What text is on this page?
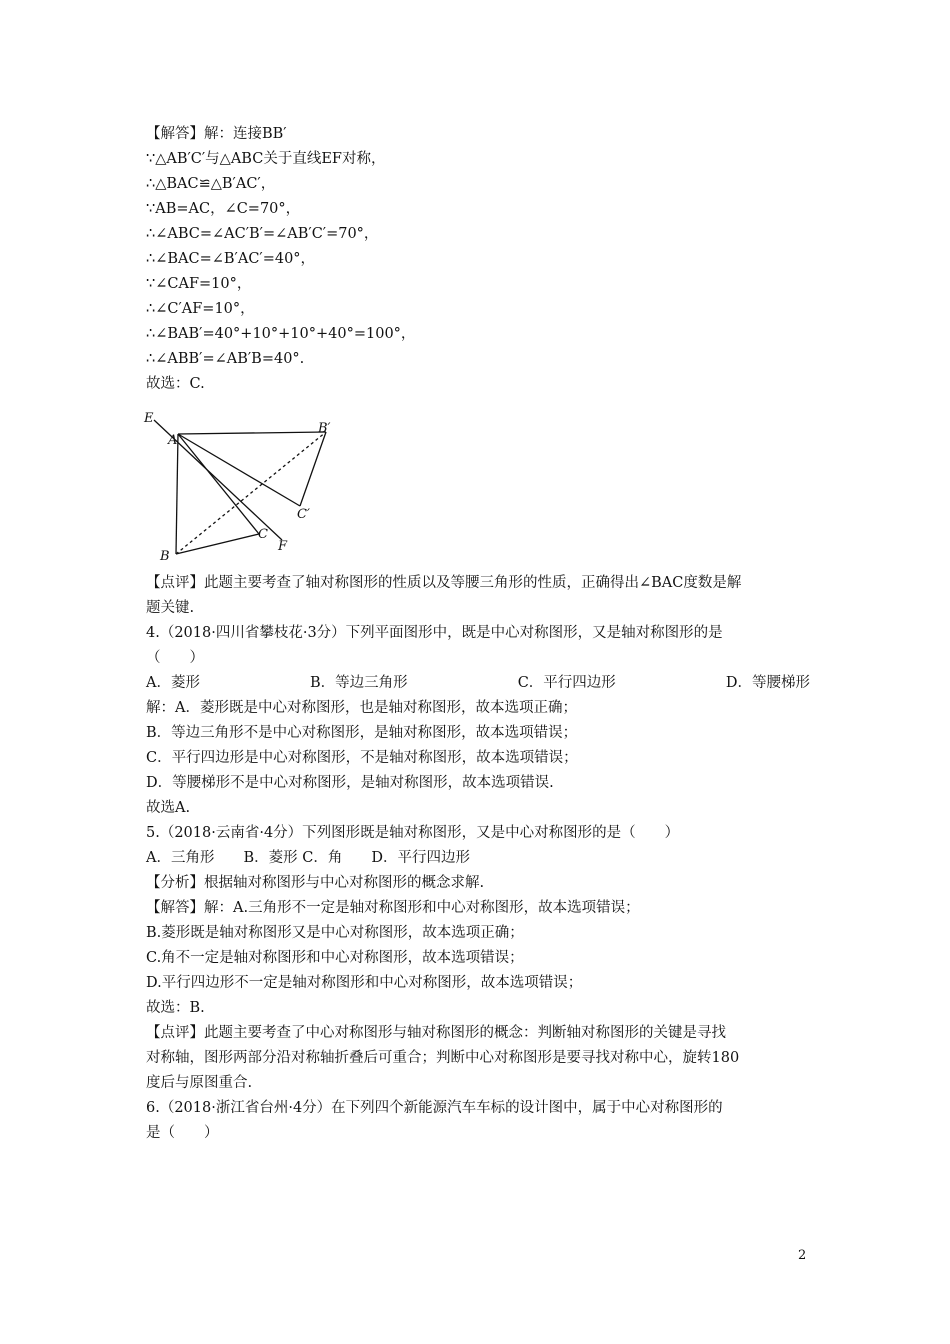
【解答】解：连接BB′
∵△AB′C′与△ABC关于直线EF对称，
∴△BAC≌△B′AC′，
∵AB=AC，∠C=70°，
∴∠ABC=∠AC′B′=∠AB′C′=70°，
∴∠BAC=∠B′AC′=40°，
∵∠CAF=10°，
∴∠C′AF=10°，
∴∠BAB′=40°+10°+10°+40°=100°，
∴∠ABB′=∠AB′B=40°.
故选：C.
E
A
B′
C′
C
F
B
【点评】此题主要考查了轴对称图形的性质以及等腰三角形的性质，正确得出∠BAC度数是解
题关键.
4.（2018·四川省攀枝花·3分）下列平面图形中，既是中心对称图形，又是轴对称图形的是
（　　）
A．菱形	B．等边三角形	C．平行四边形	D．等腰梯形
解：A．菱形既是中心对称图形，也是轴对称图形，故本选项正确；
B．等边三角形不是中心对称图形，是轴对称图形，故本选项错误；
C．平行四边形是中心对称图形，不是轴对称图形，故本选项错误；
D．等腰梯形不是中心对称图形，是轴对称图形，故本选项错误.
故选A.
5.（2018·云南省·4分）下列图形既是轴对称图形，又是中心对称图形的是（　　）
A．三角形　　B．菱形 C．角　　D．平行四边形
【分析】根据轴对称图形与中心对称图形的概念求解.
【解答】解：A.三角形不一定是轴对称图形和中心对称图形，故本选项错误；
B.菱形既是轴对称图形又是中心对称图形，故本选项正确；
C.角不一定是轴对称图形和中心对称图形，故本选项错误；
D.平行四边形不一定是轴对称图形和中心对称图形，故本选项错误；
故选：B.
【点评】此题主要考查了中心对称图形与轴对称图形的概念：判断轴对称图形的关键是寻找
对称轴，图形两部分沿对称轴折叠后可重合；判断中心对称图形是要寻找对称中心，旋转180
度后与原图重合.
6.（2018·浙江省台州·4分）在下列四个新能源汽车车标的设计图中，属于中心对称图形的
是（　　）
2
